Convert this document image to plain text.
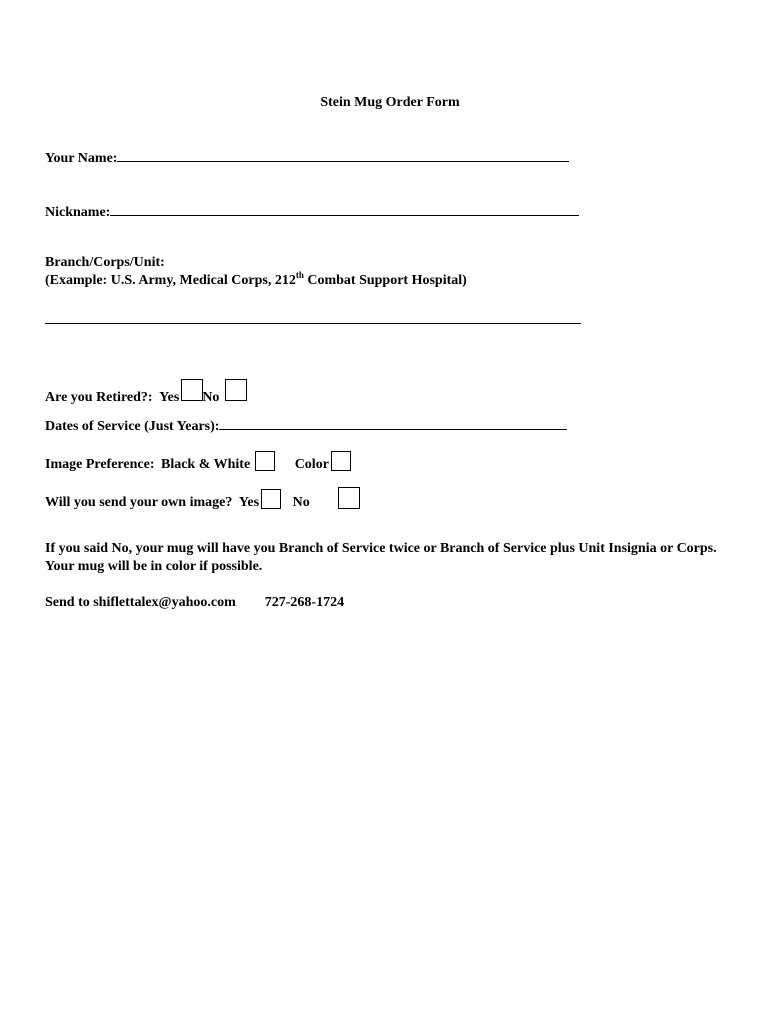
Stein Mug Order Form
Your Name:
Nickname:
Branch/Corps/Unit:
(Example: U.S. Army, Medical Corps, 212th Combat Support Hospital)
Are you Retired?: Yes No
Dates of Service (Just Years):
Image Preference: Black & White	Color
Will you send your own image? Yes No
If you said No, your mug will have you Branch of Service twice or Branch of Service plus Unit Insignia or Corps. Your mug will be in color if possible.
Send to shiflettalex@yahoo.com 727-268-1724
